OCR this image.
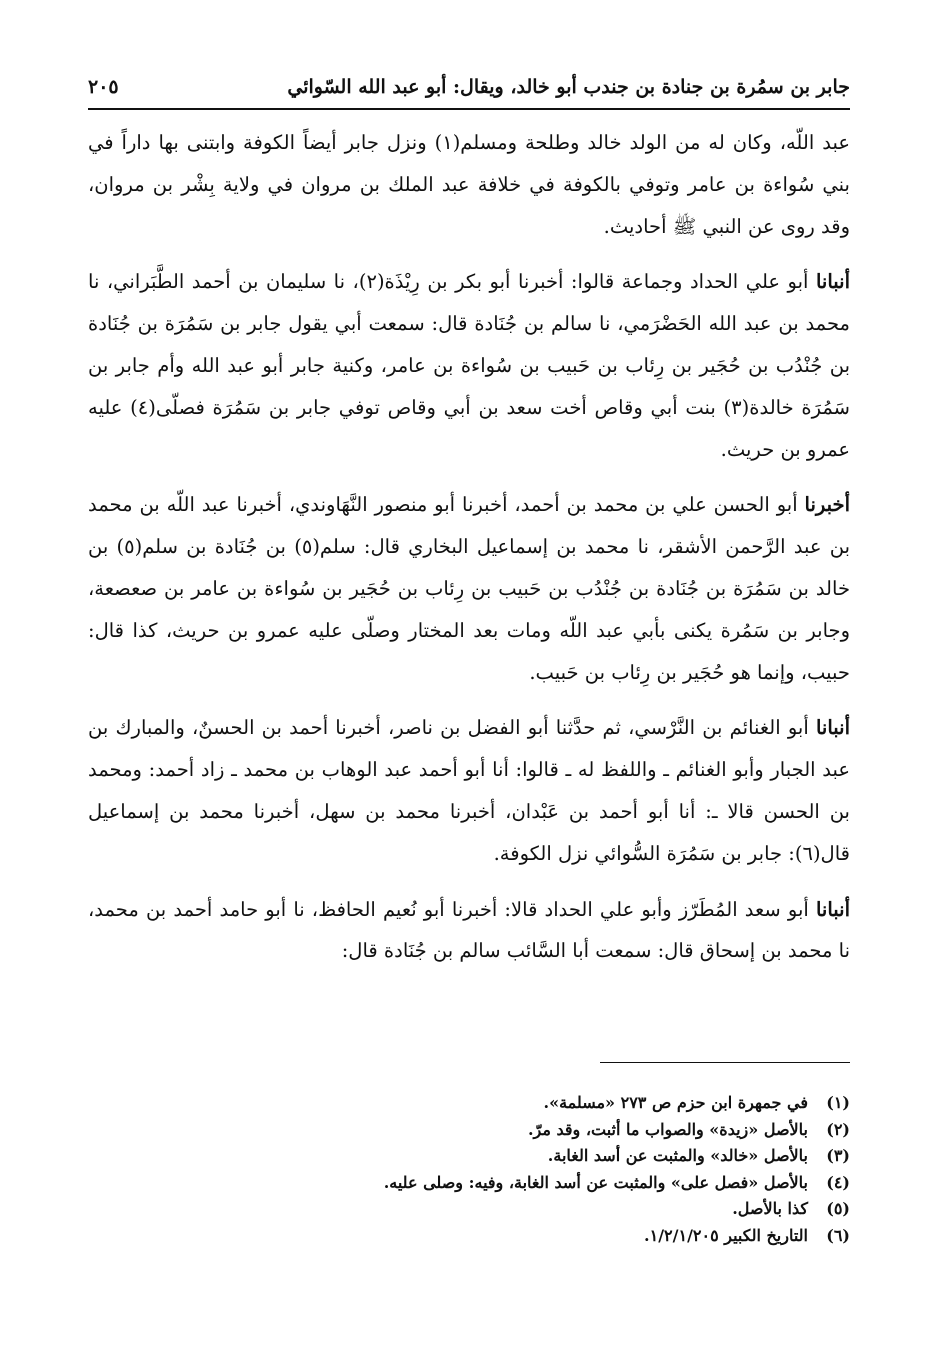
جابر بن سمُرة بن جنادة بن جندب أبو خالد، ويقال: أبو عبد الله السّوائي
٢٠٥

عبد اللّه، وكان له من الولد خالد وطلحة ومسلم(١) ونزل جابر أيضاً الكوفة وابتنى بها داراً في بني سُواءة بن عامر وتوفي بالكوفة في خلافة عبد الملك بن مروان في ولاية بِشْر بن مروان، وقد روى عن النبي ﷺ أحاديث.

أنبانا أبو علي الحداد وجماعة قالوا: أخبرنا أبو بكر بن رِيْذَة(٢)، نا سليمان بن أحمد الطَّبَراني، نا محمد بن عبد الله الحَضْرَمي، نا سالم بن جُنَادة قال: سمعت أبي يقول جابر بن سَمُرَة بن جُنَادة بن جُنْدُب بن حُجَير بن رِئاب بن حَبيب بن سُواءة بن عامر، وكنية جابر أبو عبد الله وأم جابر بن سَمُرَة خالدة(٣) بنت أبي وقاص أخت سعد بن أبي وقاص توفي جابر بن سَمُرَة فصلّى(٤) عليه عمرو بن حريث.

أخبرنا أبو الحسن علي بن محمد بن أحمد، أخبرنا أبو منصور النَّهَاوندي، أخبرنا عبد اللّه بن محمد بن عبد الرَّحمن الأشقر، نا محمد بن إسماعيل البخاري قال: سلم(٥) بن جُنَادة بن سلم(٥) بن خالد بن سَمُرَة بن جُنَادة بن جُنْدُب بن حَبيب بن رِئاب بن حُجَير بن سُواءة بن عامر بن صعصعة، وجابر بن سَمُرة يكنى بأبي عبد اللّه ومات بعد المختار وصلّى عليه عمرو بن حريث، كذا قال: حبيب، وإنما هو حُجَير بن رِئاب بن حَبيب.

أنبانا أبو الغنائم بن النَّرْسي، ثم حدَّثنا أبو الفضل بن ناصر، أخبرنا أحمد بن الحسنٌ، والمبارك بن عبد الجبار وأبو الغنائم ـ واللفظ له ـ قالوا: أنا أبو أحمد عبد الوهاب بن محمد ـ زاد أحمد: ومحمد بن الحسن قالا ـ: أنا أبو أحمد بن عَبْدان، أخبرنا محمد بن سهل، أخبرنا محمد بن إسماعيل قال(٦): جابر بن سَمُرَة السُّوائي نزل الكوفة.

أنبانا أبو سعد المُطَرّز وأبو علي الحداد قالا: أخبرنا أبو نُعيم الحافظ، نا أبو حامد أحمد بن محمد، نا محمد بن إسحاق قال: سمعت أبا السَّائب سالم بن جُنَادة قال:

(١)
في جمهرة ابن حزم ص ٢٧٣ «مسلمة».
(٢)
بالأصل «زيدة» والصواب ما أثبت، وقد مرّ.
(٣)
بالأصل «خالد» والمثبت عن أسد الغابة.
(٤)
بالأصل «فصل على» والمثبت عن أسد الغابة، وفيه: وصلى عليه.
(٥)
كذا بالأصل.
(٦)
التاريخ الكبير ١/٢/١/٢٠٥.
